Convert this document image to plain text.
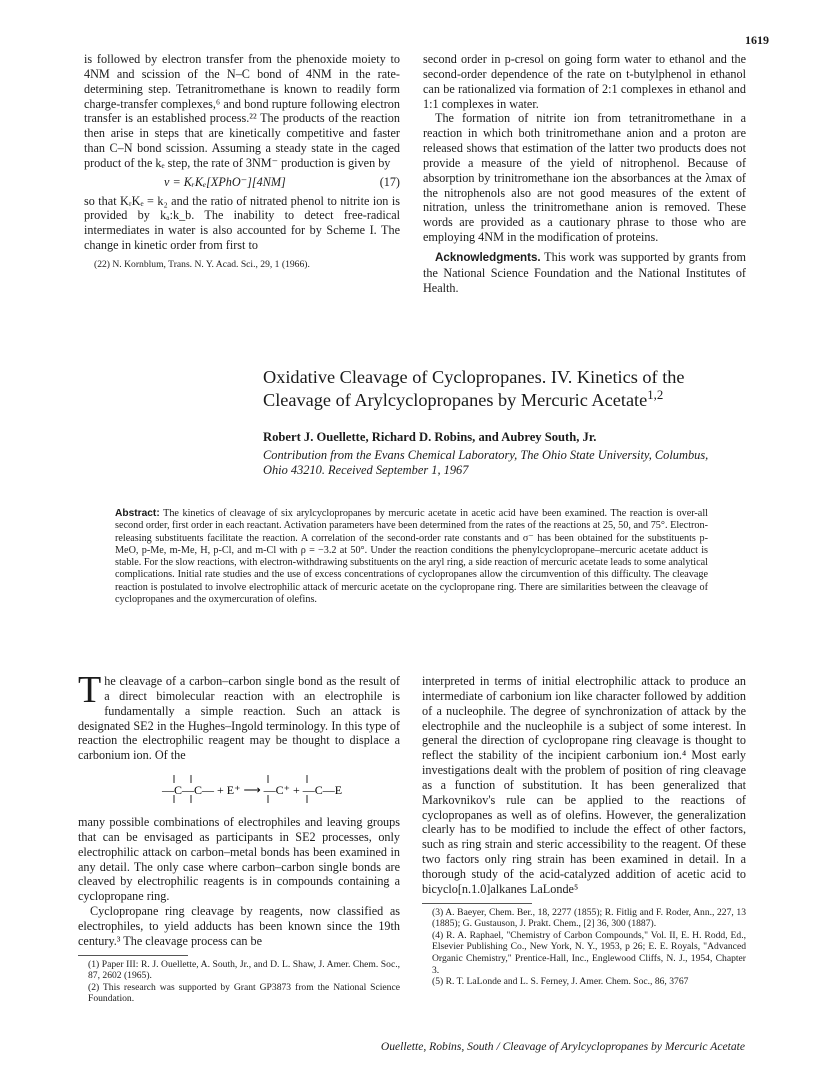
1619

is followed by electron transfer from the phenoxide moiety to 4NM and scission of the N–C bond of 4NM in the rate-determining step. Tetranitromethane is known to readily form charge-transfer complexes,⁶ and bond rupture following electron transfer is an established process.²² The products of the reaction then arise in steps that are kinetically competitive and faster than C–N bond scission. Assuming a steady state in the caged product of the kₑ step, the rate of 3NM⁻ production is given by

v = KᵣKₑ[XPhO⁻][4NM]	(17)

so that KᵣKₑ = k₂ and the ratio of nitrated phenol to nitrite ion is provided by kₐ:k_b. The inability to detect free-radical intermediates in water is also accounted for by Scheme I. The change in kinetic order from first to

(22) N. Kornblum, Trans. N. Y. Acad. Sci., 29, 1 (1966).

second order in p-cresol on going form water to ethanol and the second-order dependence of the rate on t-butylphenol in ethanol can be rationalized via formation of 2:1 complexes in ethanol and 1:1 complexes in water.

The formation of nitrite ion from tetranitromethane in a reaction in which both trinitromethane anion and a proton are released shows that estimation of the latter two products does not provide a measure of the yield of nitrophenol. Because of absorption by trinitromethane ion the absorbances at the λmax of the nitrophenols also are not good measures of the extent of nitration, unless the trinitromethane anion is removed. These words are provided as a cautionary phrase to those who are employing 4NM in the modification of proteins.

Acknowledgments. This work was supported by grants from the National Science Foundation and the National Institutes of Health.

Oxidative Cleavage of Cyclopropanes. IV. Kinetics of the
Cleavage of Arylcyclopropanes by Mercuric Acetate$^{1,2}$
Robert J. Ouellette, Richard D. Robins, and Aubrey South, Jr.
Contribution from the Evans Chemical Laboratory, The Ohio State University, Columbus, Ohio 43210. Received September 1, 1967
Abstract: The kinetics of cleavage of six arylcyclopropanes by mercuric acetate in acetic acid have been examined. The reaction is over-all second order, first order in each reactant. Activation parameters have been determined from the rates of the reactions at 25, 50, and 75°. Electron-releasing substituents facilitate the reaction. A correlation of the second-order rate constants and σ⁻ has been obtained for the substituents p-MeO, p-Me, m-Me, H, p-Cl, and m-Cl with ρ = −3.2 at 50°. Under the reaction conditions the phenylcyclopropane–mercuric acetate adduct is stable. For the slow reactions, with electron-withdrawing substituents on the aryl ring, a side reaction of mercuric acetate leads to some analytical complications. Initial rate studies and the use of excess concentrations of cyclopropanes allow the circumvention of this difficulty. The cleavage reaction is postulated to involve electrophilic attack of mercuric acetate on the cyclopropane ring. There are similarities between the cleavage of cyclopropanes and the oxymercuration of olefins.

The cleavage of a carbon–carbon single bond as the result of a direct bimolecular reaction with an electrophile is fundamentally a simple reaction. Such an attack is designated SE2 in the Hughes–Ingold terminology. In this type of reaction the electrophilic reagent may be thought to displace a carbonium ion. Of the

—C—C— + E⁺ ⟶ —C⁺ + —C—E

many possible combinations of electrophiles and leaving groups that can be envisaged as participants in SE2 processes, only electrophilic attack on carbon–metal bonds has been examined in any detail. The only case where carbon–carbon single bonds are cleaved by electrophilic reagents is in compounds containing a cyclopropane ring.

Cyclopropane ring cleavage by reagents, now classified as electrophiles, to yield adducts has been known since the 19th century.³ The cleavage process can be

(1) Paper III: R. J. Ouellette, A. South, Jr., and D. L. Shaw, J. Amer. Chem. Soc., 87, 2602 (1965).
(2) This research was supported by Grant GP3873 from the National Science Foundation.

interpreted in terms of initial electrophilic attack to produce an intermediate of carbonium ion like character followed by addition of a nucleophile. The degree of synchronization of attack by the electrophile and the nucleophile is a subject of some interest. In general the direction of cyclopropane ring cleavage is thought to reflect the stability of the incipient carbonium ion.⁴ Most early investigations dealt with the problem of position of ring cleavage as a function of substitution. It has been generalized that Markovnikov's rule can be applied to the reactions of cyclopropanes as well as of olefins. However, the generalization clearly has to be modified to include the effect of other factors, such as ring strain and steric accessibility to the reagent. Of these two factors only ring strain has been examined in detail. In a thorough study of the acid-catalyzed addition of acetic acid to bicyclo[n.1.0]alkanes LaLonde⁵

(3) A. Baeyer, Chem. Ber., 18, 2277 (1855); R. Fitlig and F. Roder, Ann., 227, 13 (1885); G. Gustauson, J. Prakt. Chem., [2] 36, 300 (1887).
(4) R. A. Raphael, "Chemistry of Carbon Compounds," Vol. II, E. H. Rodd, Ed., Elsevier Publishing Co., New York, N. Y., 1953, p 26; E. E. Royals, "Advanced Organic Chemistry," Prentice-Hall, Inc., Englewood Cliffs, N. J., 1954, Chapter 3.
(5) R. T. LaLonde and L. S. Ferney, J. Amer. Chem. Soc., 86, 3767
Ouellette, Robins, South / Cleavage of Arylcyclopropanes by Mercuric Acetate
